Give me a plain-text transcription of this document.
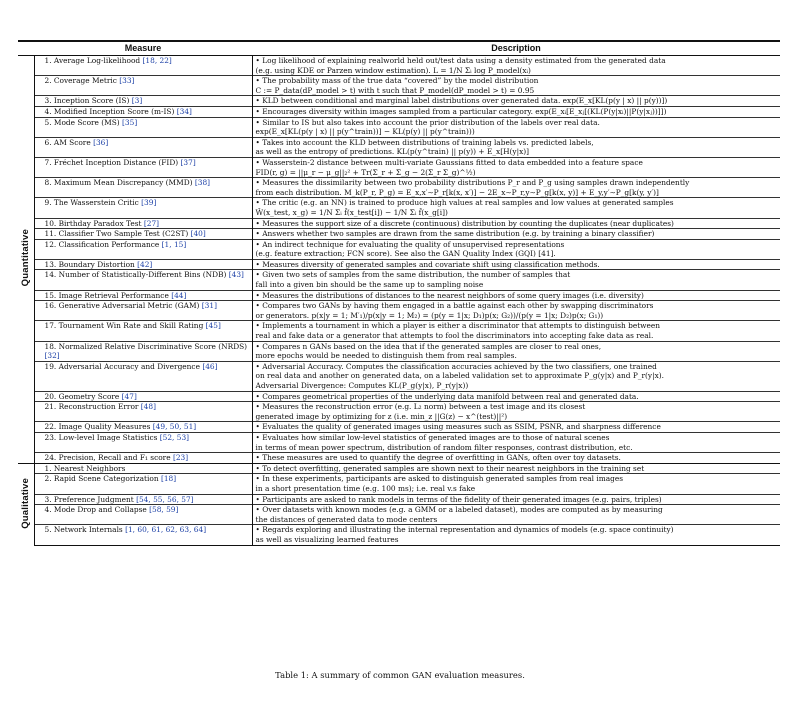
	Measure	Description
Quantitative	1. Average Log-likelihood [18, 22]	• Log likelihood of explaining realworld held out/test data using a density estimated from the generated data
(e.g. using KDE or Parzen window estimation). L = 1/N Σᵢ log P_model(xᵢ)

	2. Coverage Metric [33]	• The probability mass of the true data “covered” by the model distribution
C := P_data(dP_model > t) with t such that P_model(dP_model > t) = 0.95

	3. Inception Score (IS) [3]	• KLD between conditional and marginal label distributions over generated data. exp(E_x[KL(p(y | x) || p(y))])

	4. Modified Inception Score (m-IS) [34]	• Encourages diversity within images sampled from a particular category. exp(E_xᵢ[E_xⱼ[(KL(P(y|xᵢ)||P(y|xⱼ))]])

	5. Mode Score (MS) [35]	• Similar to IS but also takes into account the prior distribution of the labels over real data.
exp(E_x[KL(p(y | x) || p(y^train))] − KL(p(y) || p(y^train)))

	6. AM Score [36]	• Takes into account the KLD between distributions of training labels vs. predicted labels,
as well as the entropy of predictions. KL(p(y^train) || p(y)) + E_x[H(y|x)]

	7. Fréchet Inception Distance (FID) [37]	• Wasserstein-2 distance between multi-variate Gaussians fitted to data embedded into a feature space
FID(r, g) = ||μ_r − μ_g||₂² + Tr(Σ_r + Σ_g − 2(Σ_r Σ_g)^½)

	8. Maximum Mean Discrepancy (MMD) [38]	• Measures the dissimilarity between two probability distributions P_r and P_g using samples drawn independently
from each distribution. M_k(P_r, P_g) = E_x,x′∼P_r[k(x, x′)] − 2E_x∼P_r,y∼P_g[k(x, y)] + E_y,y′∼P_g[k(y, y′)]

	9. The Wasserstein Critic [39]	• The critic (e.g. an NN) is trained to produce high values at real samples and low values at generated samples
Ŵ(x_test, x_g) = 1/N Σᵢ f̂(x_test[i]) − 1/N Σᵢ f̂(x_g[i])

	10. Birthday Paradox Test [27]	• Measures the support size of a discrete (continuous) distribution by counting the duplicates (near duplicates)

	11. Classifier Two Sample Test (C2ST) [40]	• Answers whether two samples are drawn from the same distribution (e.g. by training a binary classifier)

	12. Classification Performance [1, 15]	• An indirect technique for evaluating the quality of unsupervised representations
(e.g. feature extraction; FCN score). See also the GAN Quality Index (GQI) [41].

	13. Boundary Distortion [42]	• Measures diversity of generated samples and covariate shift using classification methods.

	14. Number of Statistically-Different Bins (NDB) [43]	• Given two sets of samples from the same distribution, the number of samples that
fall into a given bin should be the same up to sampling noise

	15. Image Retrieval Performance [44]	• Measures the distributions of distances to the nearest neighbors of some query images (i.e. diversity)

	16. Generative Adversarial Metric (GAM) [31]	• Compares two GANs by having them engaged in a battle against each other by swapping discriminators
or generators. p(x|y = 1; M′₁)/p(x|y = 1; M₂) = (p(y = 1|x; D₁)p(x; G₂))/(p(y = 1|x; D₂)p(x; G₁))

	17. Tournament Win Rate and Skill Rating [45]	• Implements a tournament in which a player is either a discriminator that attempts to distinguish between
real and fake data or a generator that attempts to fool the discriminators into accepting fake data as real.

	18. Normalized Relative Discriminative Score (NRDS) [32]	• Compares n GANs based on the idea that if the generated samples are closer to real ones,
more epochs would be needed to distinguish them from real samples.

	19. Adversarial Accuracy and Divergence [46]	• Adversarial Accuracy. Computes the classification accuracies achieved by the two classifiers, one trained
on real data and another on generated data, on a labeled validation set to approximate P_g(y|x) and P_r(y|x).
Adversarial Divergence: Computes KL(P_g(y|x), P_r(y|x))

	20. Geometry Score [47]	• Compares geometrical properties of the underlying data manifold between real and generated data.

	21. Reconstruction Error [48]	• Measures the reconstruction error (e.g. L₂ norm) between a test image and its closest
generated image by optimizing for z (i.e. min_z ||G(z) − x^(test)||²)

	22. Image Quality Measures [49, 50, 51]	• Evaluates the quality of generated images using measures such as SSIM, PSNR, and sharpness difference

	23. Low-level Image Statistics [52, 53]	• Evaluates how similar low-level statistics of generated images are to those of natural scenes
in terms of mean power spectrum, distribution of random filter responses, contrast distribution, etc.

	24. Precision, Recall and F₁ score [23]	• These measures are used to quantify the degree of overfitting in GANs, often over toy datasets.

Qualitative	1. Nearest Neighbors	• To detect overfitting, generated samples are shown next to their nearest neighbors in the training set

	2. Rapid Scene Categorization [18]	• In these experiments, participants are asked to distinguish generated samples from real images
in a short presentation time (e.g. 100 ms); i.e. real v.s fake

	3. Preference Judgment [54, 55, 56, 57]	• Participants are asked to rank models in terms of the fidelity of their generated images (e.g. pairs, triples)

	4. Mode Drop and Collapse [58, 59]	• Over datasets with known modes (e.g. a GMM or a labeled dataset), modes are computed as by measuring
the distances of generated data to mode centers

	5. Network Internals [1, 60, 61, 62, 63, 64]	• Regards exploring and illustrating the internal representation and dynamics of models (e.g. space continuity)
as well as visualizing learned features
Table 1: A summary of common GAN evaluation measures.
